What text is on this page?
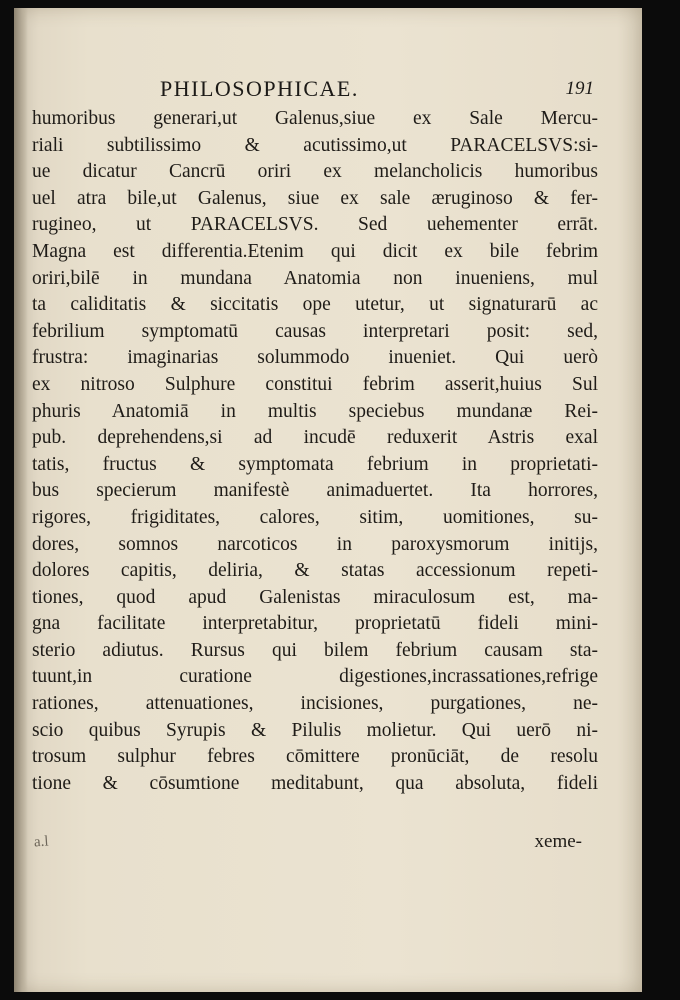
PHILOSOPHICAE.	191
humoribus generari,ut Galenus,siue ex Sale Mercu-
riali subtilissimo & acutissimo,ut PARACELSVS:si-
ue dicatur Cancrū oriri ex melancholicis humoribus
uel atra bile,ut Galenus, siue ex sale æruginoso & fer-
rugineo, ut PARACELSVS. Sed uehementer errāt.
Magna est differentia.Etenim qui dicit ex bile febrim
oriri,bilē in mundana Anatomia non inueniens, mul
ta caliditatis & siccitatis ope utetur, ut signaturarū ac
febrilium symptomatū causas interpretari posit: sed,
frustra: imaginarias solummodo inueniet. Qui uerò
ex nitroso Sulphure constitui febrim asserit,huius Sul
phuris Anatomiā in multis speciebus mundanæ Rei-
pub. deprehendens,si ad incudē reduxerit Astris exal
tatis, fructus & symptomata febrium in proprietati-
bus specierum manifestè animaduertet. Ita horrores,
rigores, frigiditates, calores, sitim, uomitiones, su-
dores, somnos narcoticos in paroxysmorum initijs,
dolores capitis, deliria, & statas accessionum repeti-
tiones, quod apud Galenistas miraculosum est, ma-
gna facilitate interpretabitur, proprietatū fideli mini-
sterio adiutus. Rursus qui bilem febrium causam sta-
tuunt,in curatione digestiones,incrassationes,refrige
rationes, attenuationes, incisiones, purgationes, ne-
scio quibus Syrupis & Pilulis molietur. Qui uerō ni-
trosum sulphur febres cōmittere pronūciāt, de resolu
tione & cōsumtione meditabunt, qua absoluta, fideli
a.l	xeme-
